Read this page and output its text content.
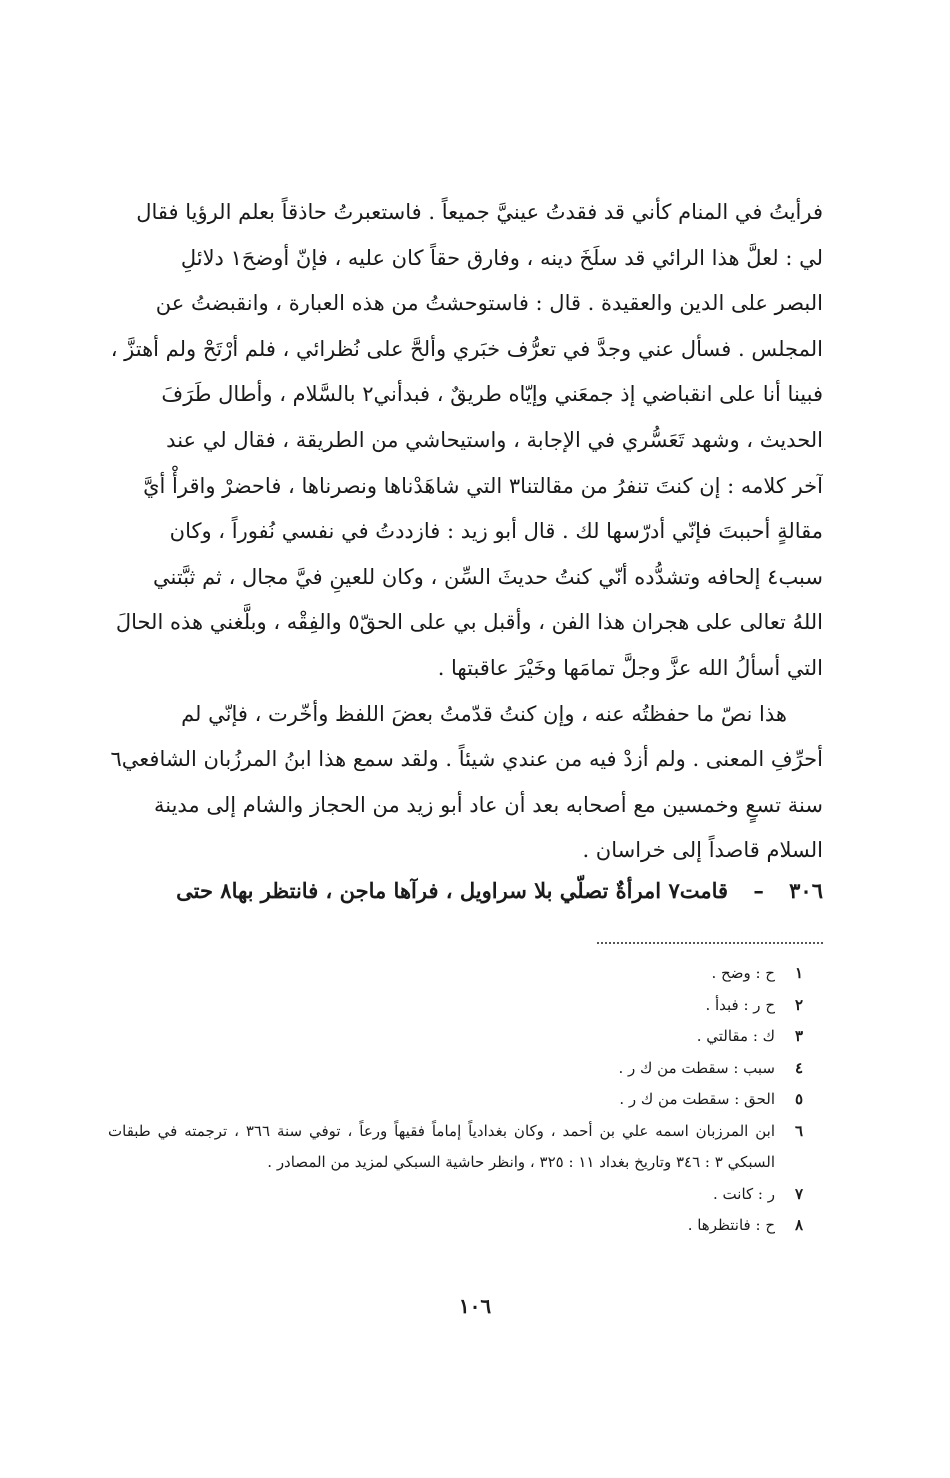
فرأيتُ في المنام كأني قد فقدتُ عينيَّ جميعاً . فاستعبرتُ حاذقاً بعلم الرؤيا فقال
لي : لعلَّ هذا الرائي قد سلَخَ دينه ، وفارق حقاً كان عليه ، فإنّ أوضحَ١ دلائلِ
البصر على الدين والعقيدة . قال : فاستوحشتُ من هذه العبارة ، وانقبضتُ عن
المجلس . فسأل عني وجدَّ في تعرُّف خبَري وألحَّ على نُظرائي ، فلم أرْتَحْ ولم أهتزَّ ،
فبينا أنا على انقباضي إذ جمعَني وإيّاه طريقٌ ، فبدأني٢ بالسَّلام ، وأطال طَرَفَ
الحديث ، وشهد تَعَسُّري في الإجابة ، واستيحاشي من الطريقة ، فقال لي عند
آخر كلامه : إن كنتَ تنفرُ من مقالتنا٣ التي شاهَدْناها ونصرناها ، فاحضرْ واقرأْ أيَّ
مقالةٍ أحببتَ فإنّي أدرّسها لك . قال أبو زيد : فازددتُ في نفسي نُفوراً ، وكان
سبب٤ إلحافه وتشدُّده أنّي كنتُ حديثَ السِّن ، وكان للعينِ فيَّ مجال ، ثم ثبَّتني
اللهُ تعالى على هجران هذا الفن ، وأقبل بي على الحقّ٥ والفِقْه ، وبلَّغني هذه الحالَ
التي أسألُ الله عزَّ وجلَّ تمامَها وخَيْرَ عاقبتها .
هذا نصّ ما حفظتُه عنه ، وإن كنتُ قدّمتُ بعضَ اللفظ وأخّرت ، فإنّي لم
أحرِّفِ المعنى . ولم أزدْ فيه من عندي شيئاً . ولقد سمع هذا ابنُ المرزُبان الشافعي٦
سنة تسعٍ وخمسين مع أصحابه بعد أن عاد أبو زيد من الحجاز والشام إلى مدينة
السلام قاصداً إلى خراسان .
٣٠٦ – قامت٧ امرأةٌ تصلّي بلا سراويل ، فرآها ماجن ، فانتظر بها٨ حتى
١
ح : وضح .
٢
ح ر : فبدأ .
٣
ك : مقالتي .
٤
سبب : سقطت من ك ر .
٥
الحق : سقطت من ك ر .
٦
ابن المرزبان اسمه علي بن أحمد ، وكان بغدادياً إماماً فقيهاً ورعاً ، توفي سنة ٣٦٦ ، ترجمته في طبقات السبكي ٣ : ٣٤٦ وتاريخ بغداد ١١ : ٣٢٥ ، وانظر حاشية السبكي لمزيد من المصادر .
٧
ر : كانت .
٨
ح : فانتظرها .
١٠٦
